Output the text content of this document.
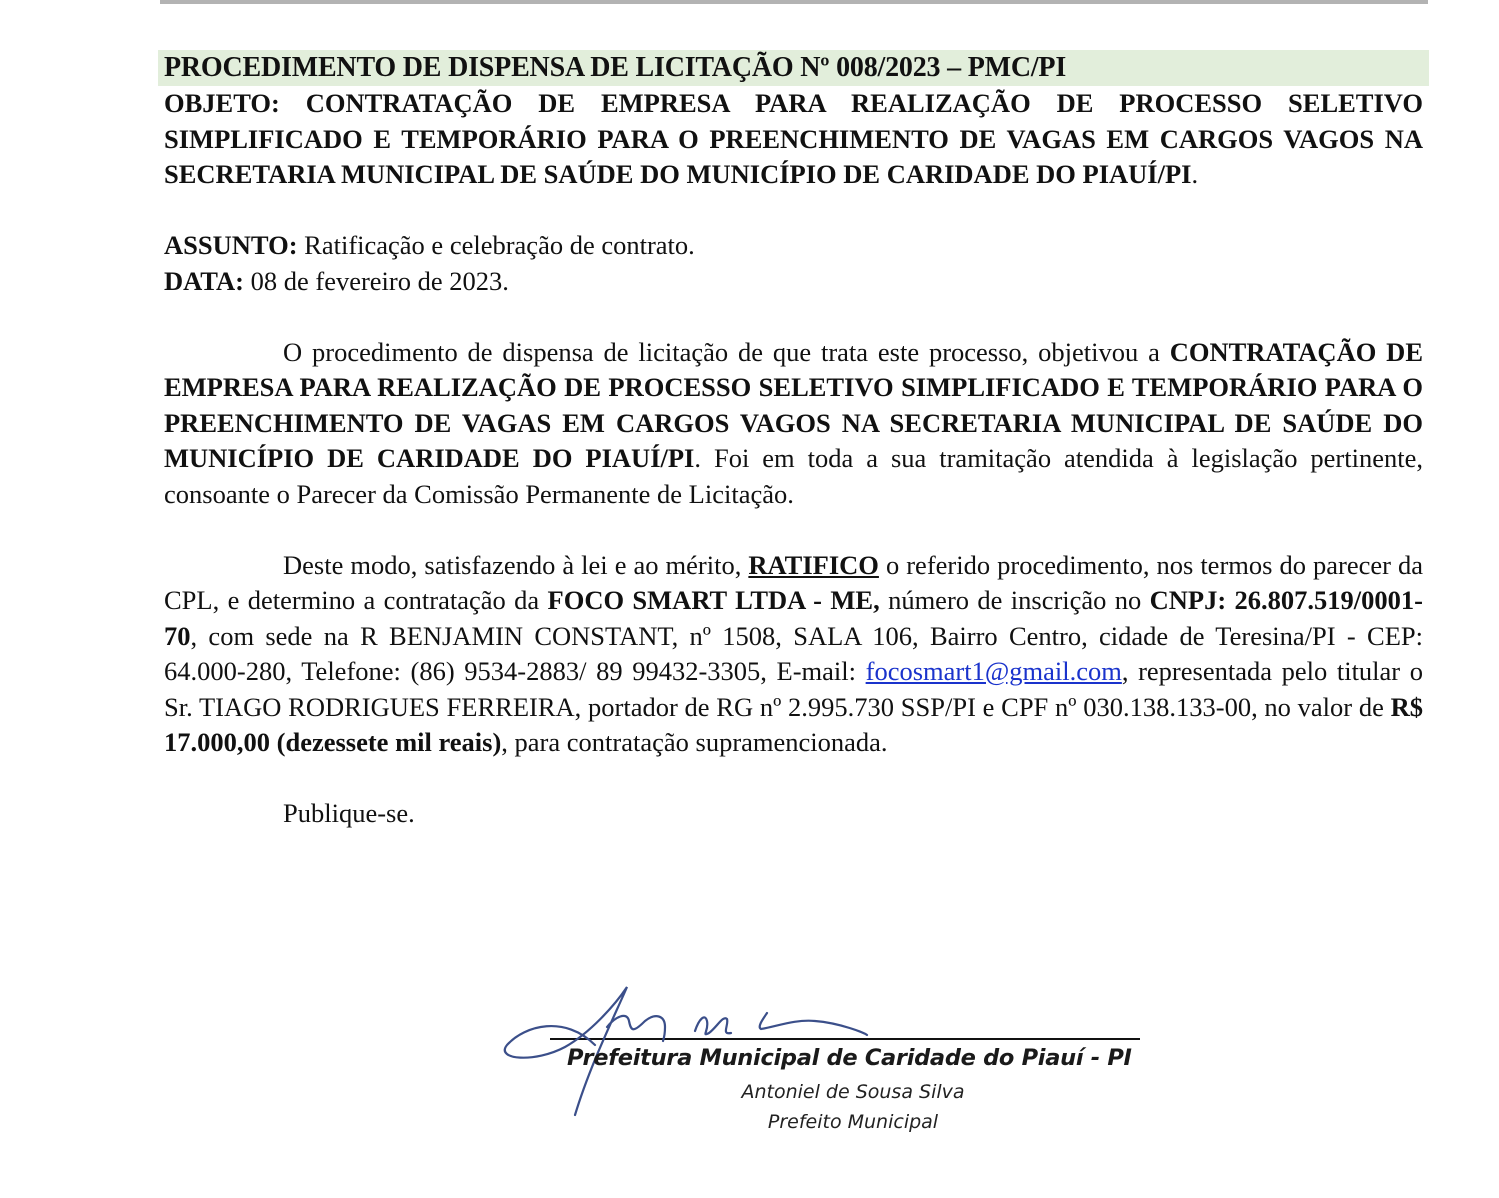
PROCEDIMENTO DE DISPENSA DE LICITAÇÃO Nº 008/2023 – PMC/PI
OBJETO: CONTRATAÇÃO DE EMPRESA PARA REALIZAÇÃO DE PROCESSO SELETIVO SIMPLIFICADO E TEMPORÁRIO PARA O PREENCHIMENTO DE VAGAS EM CARGOS VAGOS NA SECRETARIA MUNICIPAL DE SAÚDE DO MUNICÍPIO DE CARIDADE DO PIAUÍ/PI.
ASSUNTO: Ratificação e celebração de contrato.
DATA: 08 de fevereiro de 2023.
O procedimento de dispensa de licitação de que trata este processo, objetivou a CONTRATAÇÃO DE EMPRESA PARA REALIZAÇÃO DE PROCESSO SELETIVO SIMPLIFICADO E TEMPORÁRIO PARA O PREENCHIMENTO DE VAGAS EM CARGOS VAGOS NA SECRETARIA MUNICIPAL DE SAÚDE DO MUNICÍPIO DE CARIDADE DO PIAUÍ/PI. Foi em toda a sua tramitação atendida à legislação pertinente, consoante o Parecer da Comissão Permanente de Licitação.
Deste modo, satisfazendo à lei e ao mérito, RATIFICO o referido procedimento, nos termos do parecer da CPL, e determino a contratação da FOCO SMART LTDA - ME, número de inscrição no CNPJ: 26.807.519/0001-70, com sede na R BENJAMIN CONSTANT, nº 1508, SALA 106, Bairro Centro, cidade de Teresina/PI - CEP: 64.000-280, Telefone: (86) 9534-2883/ 89 99432-3305, E-mail: focosmart1@gmail.com, representada pelo titular o Sr. TIAGO RODRIGUES FERREIRA, portador de RG nº 2.995.730 SSP/PI e CPF nº 030.138.133-00, no valor de R$ 17.000,00 (dezessete mil reais), para contratação supramencionada.
Publique-se.
Prefeitura Municipal de Caridade do Piauí - PI
Antoniel de Sousa Silva
Prefeito Municipal
